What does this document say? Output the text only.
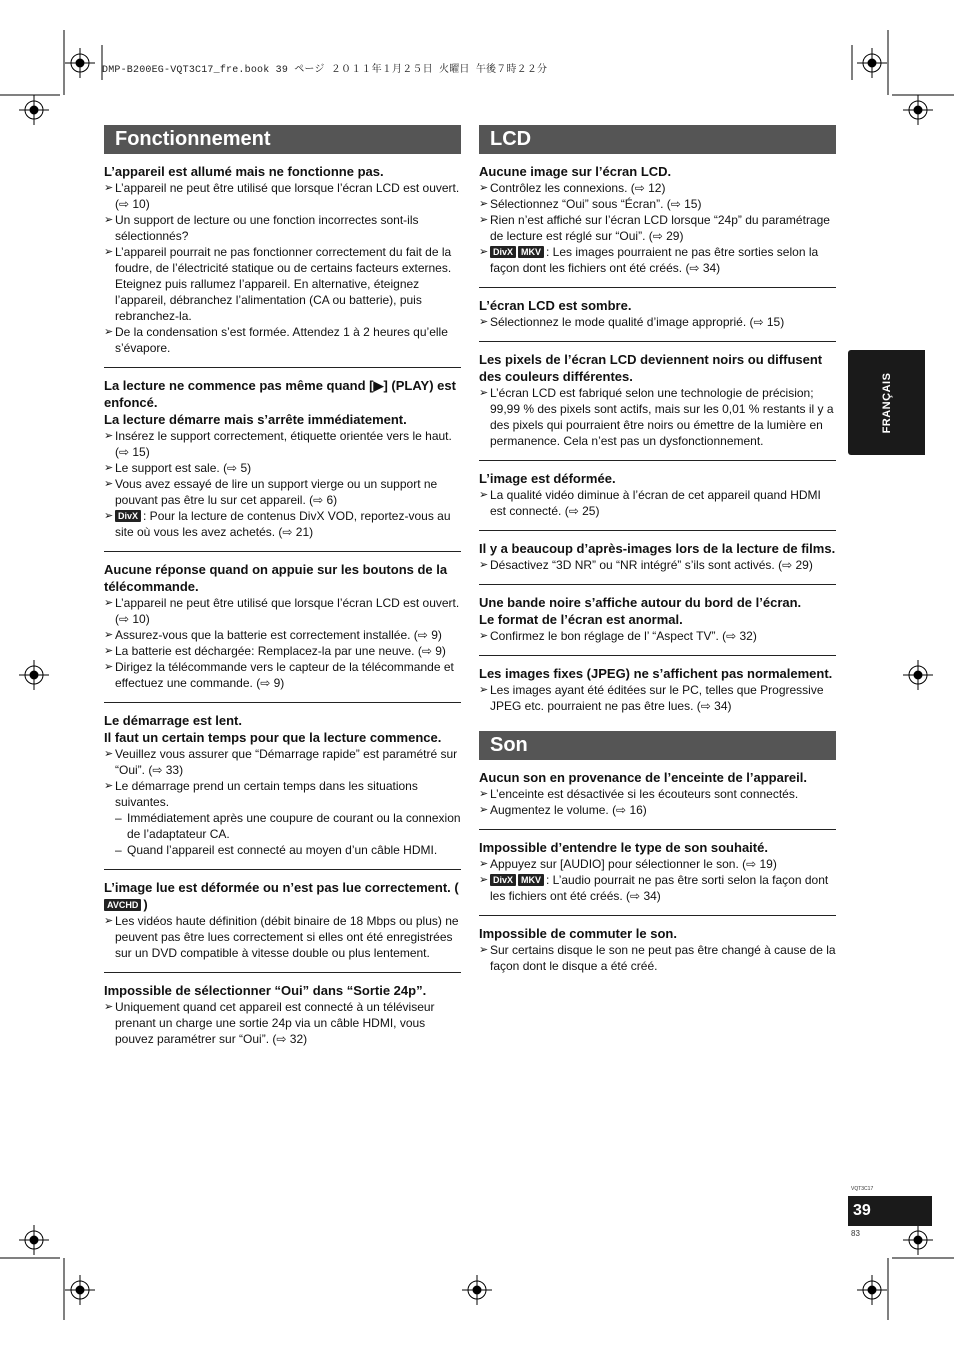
DMP-B200EG-VQT3C17_fre.book 39 ページ ２０１１年１月２５日 火曜日 午後７時２２分
Fonctionnement

L’appareil est allumé mais ne fonctionne pas.

➢ L’appareil ne peut être utilisé que lorsque l’écran LCD est ouvert. (⇨ 10)
➢ Un support de lecture ou une fonction incorrectes sont-ils sélectionnés?
➢ L’appareil pourrait ne pas fonctionner correctement du fait de la foudre, de l’électricité statique ou de certains facteurs externes. Eteignez puis rallumez l’appareil. En alternative, éteignez l’appareil, débranchez l’alimentation (CA ou batterie), puis rebranchez-la.
➢ De la condensation s’est formée. Attendez 1 à 2 heures qu’elle s’évapore.

La lecture ne commence pas même quand [▶] (PLAY) est enfoncé.

La lecture démarre mais s’arrête immédiatement.

➢ Insérez le support correctement, étiquette orientée vers le haut. (⇨ 15)
➢ Le support est sale. (⇨ 5)
➢ Vous avez essayé de lire un support vierge ou un support ne pouvant pas être lu sur cet appareil. (⇨ 6)
➢ DivX : Pour la lecture de contenus DivX VOD, reportez-vous au site où vous les avez achetés. (⇨ 21)

Aucune réponse quand on appuie sur les boutons de la télécommande.

➢ L’appareil ne peut être utilisé que lorsque l’écran LCD est ouvert. (⇨ 10)
➢ Assurez-vous que la batterie est correctement installée. (⇨ 9)
➢ La batterie est déchargée: Remplacez-la par une neuve. (⇨ 9)
➢ Dirigez la télécommande vers le capteur de la télécommande et effectuez une commande. (⇨ 9)

Le démarrage est lent.

Il faut un certain temps pour que la lecture commence.

➢ Veuillez vous assurer que “Démarrage rapide” est paramétré sur “Oui”. (⇨ 33)
➢ Le démarrage prend un certain temps dans les situations suivantes.
– Immédiatement après une coupure de courant ou la connexion de l’adaptateur CA.
– Quand l’appareil est connecté au moyen d’un câble HDMI.

L’image lue est déformée ou n’est pas lue correctement. (AVCHD )

➢ Les vidéos haute définition (débit binaire de 18 Mbps ou plus) ne peuvent pas être lues correctement si elles ont été enregistrées sur un DVD compatible à vitesse double ou plus lentement.

Impossible de sélectionner “Oui” dans “Sortie 24p”.

➢ Uniquement quand cet appareil est connecté à un téléviseur prenant un charge une sortie 24p via un câble HDMI, vous pouvez paramétrer sur “Oui”. (⇨ 32)
LCD

Aucune image sur l’écran LCD.

➢ Contrôlez les connexions. (⇨ 12)
➢ Sélectionnez “Oui” sous “Écran”. (⇨ 15)
➢ Rien n’est affiché sur l’écran LCD lorsque “24p” du paramétrage de lecture est réglé sur “Oui”. (⇨ 29)
➢ DivX MKV : Les images pourraient ne pas être sorties selon la façon dont les fichiers ont été créés. (⇨ 34)

L’écran LCD est sombre.

➢ Sélectionnez le mode qualité d’image approprié. (⇨ 15)

Les pixels de l’écran LCD deviennent noirs ou diffusent des couleurs différentes.

➢ L’écran LCD est fabriqué selon une technologie de précision; 99,99 % des pixels sont actifs, mais sur les 0,01 % restants il y a des pixels qui pourraient être noirs ou émettre de la lumière en permanence. Cela n’est pas un dysfonctionnement.

L’image est déformée.

➢ La qualité vidéo diminue à l’écran de cet appareil quand HDMI est connecté. (⇨ 25)

Il y a beaucoup d’après-images lors de la lecture de films.

➢ Désactivez “3D NR” ou “NR intégré” s’ils sont activés. (⇨ 29)

Une bande noire s’affiche autour du bord de l’écran.

Le format de l’écran est anormal.

➢ Confirmez le bon réglage de l’ “Aspect TV”. (⇨ 32)

Les images fixes (JPEG) ne s’affichent pas normalement.

➢ Les images ayant été éditées sur le PC, telles que Progressive JPEG etc. pourraient ne pas être lues. (⇨ 34)
Son

Aucun son en provenance de l’enceinte de l’appareil.

➢ L’enceinte est désactivée si les écouteurs sont connectés.
➢ Augmentez le volume. (⇨ 16)

Impossible d’entendre le type de son souhaité.

➢ Appuyez sur [AUDIO] pour sélectionner le son. (⇨ 19)
➢ DivX MKV : L’audio pourrait ne pas être sorti selon la façon dont les fichiers ont été créés. (⇨ 34)

Impossible de commuter le son.

➢ Sur certains disque le son ne peut pas être changé à cause de la façon dont le disque a été créé.
FRANÇAIS
VQT3C17
39
83
